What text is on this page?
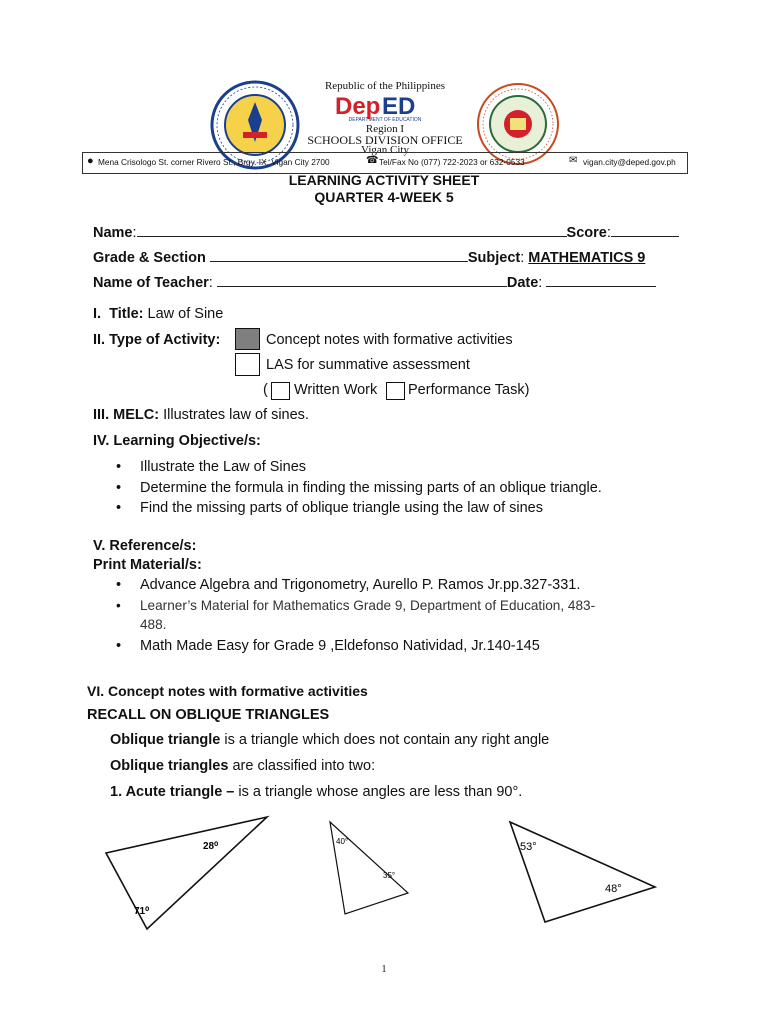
Republic of the Philippines
Dep ED
DEPARTMENT OF EDUCATION
Region I
SCHOOLS DIVISION OFFICE
Vigan City
● Mena Crisologo St. corner Rivero St., Brgy. IX, Vigan City 2700	☎ Tel/Fax No (077) 722-2023 or 632-0533	✉ vigan.city@deped.gov.ph
LEARNING ACTIVITY SHEET
QUARTER 4-WEEK 5
Name:	Score:
Grade & Section	Subject: MATHEMATICS 9
Name of Teacher:	Date:
I. Title: Law of Sine
II. Type of Activity:	Concept notes with formative activities
LAS for summative assessment
( Written Work Performance Task)
III. MELC: Illustrates law of sines.
IV. Learning Objective/s:
• Illustrate the Law of Sines
• Determine the formula in finding the missing parts of an oblique triangle.
• Find the missing parts of oblique triangle using the law of sines
V. Reference/s:
Print Material/s:
• Advance Algebra and Trigonometry, Aurello P. Ramos Jr.pp.327-331.
• Learner’s Material for Mathematics Grade 9, Department of Education, 483-
488.
• Math Made Easy for Grade 9 ,Eldefonso Natividad, Jr.140-145
VI. Concept notes with formative activities
RECALL ON OBLIQUE TRIANGLES
Oblique triangle is a triangle which does not contain any right angle
Oblique triangles are classified into two:
1. Acute triangle – is a triangle whose angles are less than 90°.
28⁰
71⁰
40°
35°
53°
48°
1
